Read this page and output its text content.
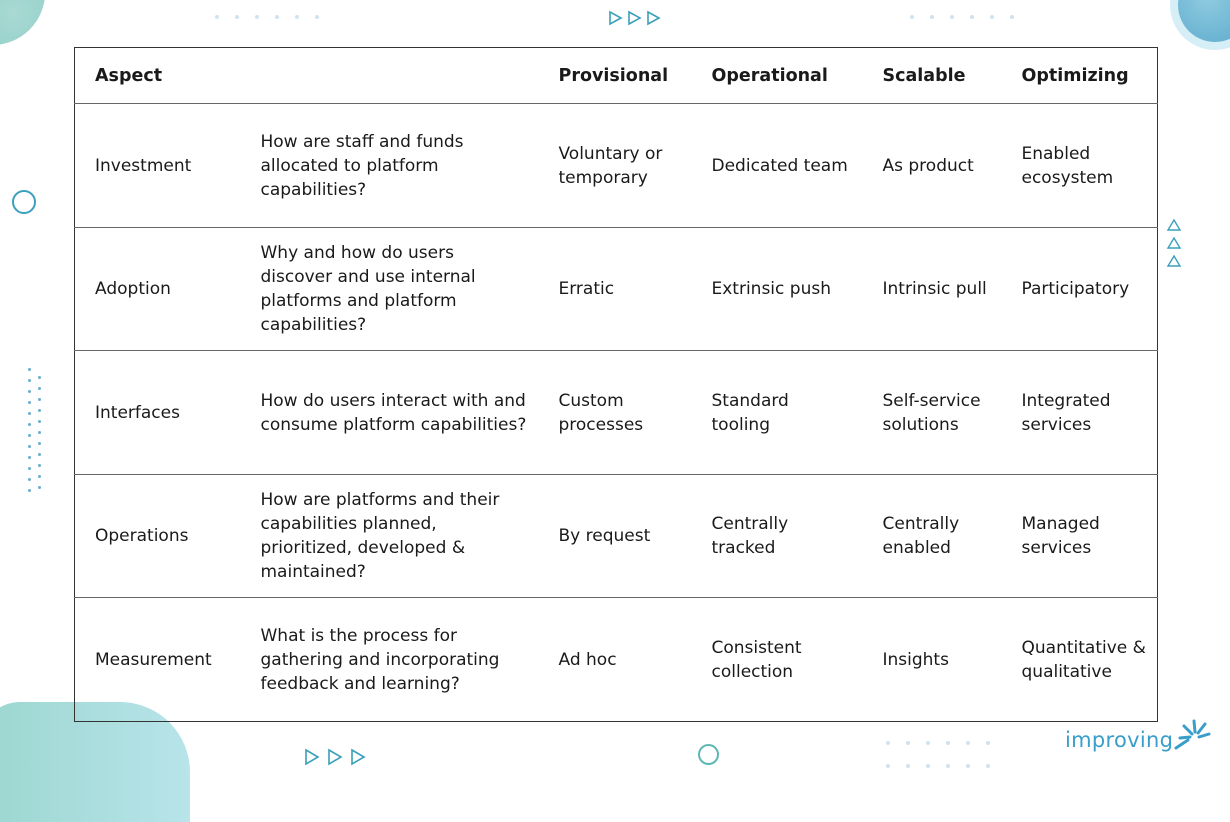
Aspect		Provisional	Operational	Scalable	Optimizing
Investment	How are staff and funds allocated to platform capabilities?	Voluntary or temporary	Dedicated team	As product	Enabled ecosystem
Adoption	Why and how do users discover and use internal platforms and platform capabilities?	Erratic	Extrinsic push	Intrinsic pull	Participatory
Interfaces	How do users interact with and consume platform capabilities?	Custom processes	Standard tooling	Self-service solutions	Integrated services
Operations	How are platforms and their capabilities planned, prioritized, developed & maintained?	By request	Centrally tracked	Centrally enabled	Managed services
Measurement	What is the process for gathering and incorporating feedback and learning?	Ad hoc	Consistent collection	Insights	Quantitative & qualitative
improving
